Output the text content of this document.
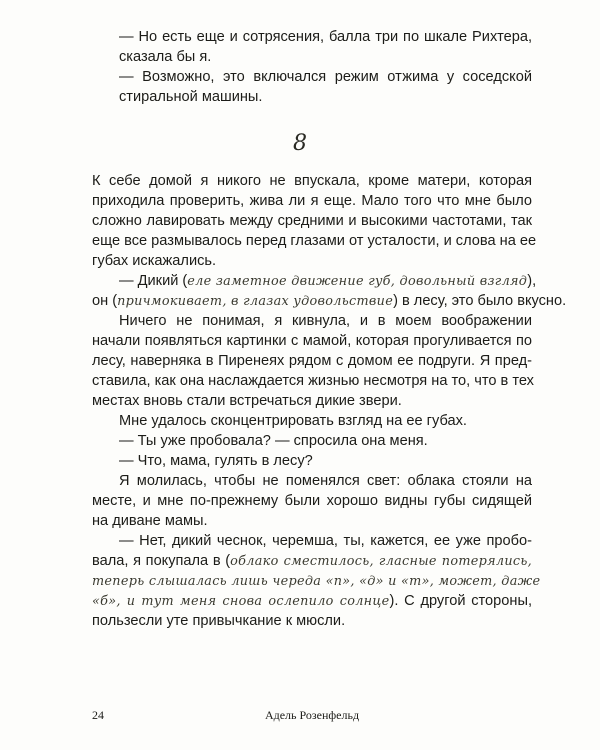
— Но есть еще и сотрясения, балла три по шкале Рихтера,
сказала бы я.
— Возможно, это включался режим отжима у соседской
стиральной машины.
8
К себе домой я никого не впускала, кроме матери, которая
приходила проверить, жива ли я еще. Мало того что мне было
сложно лавировать между средними и высокими частотами, так
еще все размывалось перед глазами от усталости, и слова на ее
губах искажались.
— Дикий (еле заметное движение губ, довольный взгляд),
он (причмокивает, в глазах удовольствие) в лесу, это было вкусно.
Ничего не понимая, я кивнула, и в моем воображении
начали появляться картинки с мамой, которая прогуливается по
лесу, наверняка в Пиренеях рядом с домом ее подруги. Я пред-
ставила, как она наслаждается жизнью несмотря на то, что в тех
местах вновь стали встречаться дикие звери.
Мне удалось сконцентрировать взгляд на ее губах.
— Ты уже пробовала? — спросила она меня.
— Что, мама, гулять в лесу?
Я молилась, чтобы не поменялся свет: облака стояли на
месте, и мне по-прежнему были хорошо видны губы сидящей
на диване мамы.
— Нет, дикий чеснок, черемша, ты, кажется, ее уже пробо-
вала, я покупала в (облако сместилось, гласные потерялись,
теперь слышалась лишь череда «п», «д» и «т», может, даже
«б», и тут меня снова ослепило солнце). С другой стороны,
пользесли уте привычкание к мюсли.
24	Адель Розенфельд
